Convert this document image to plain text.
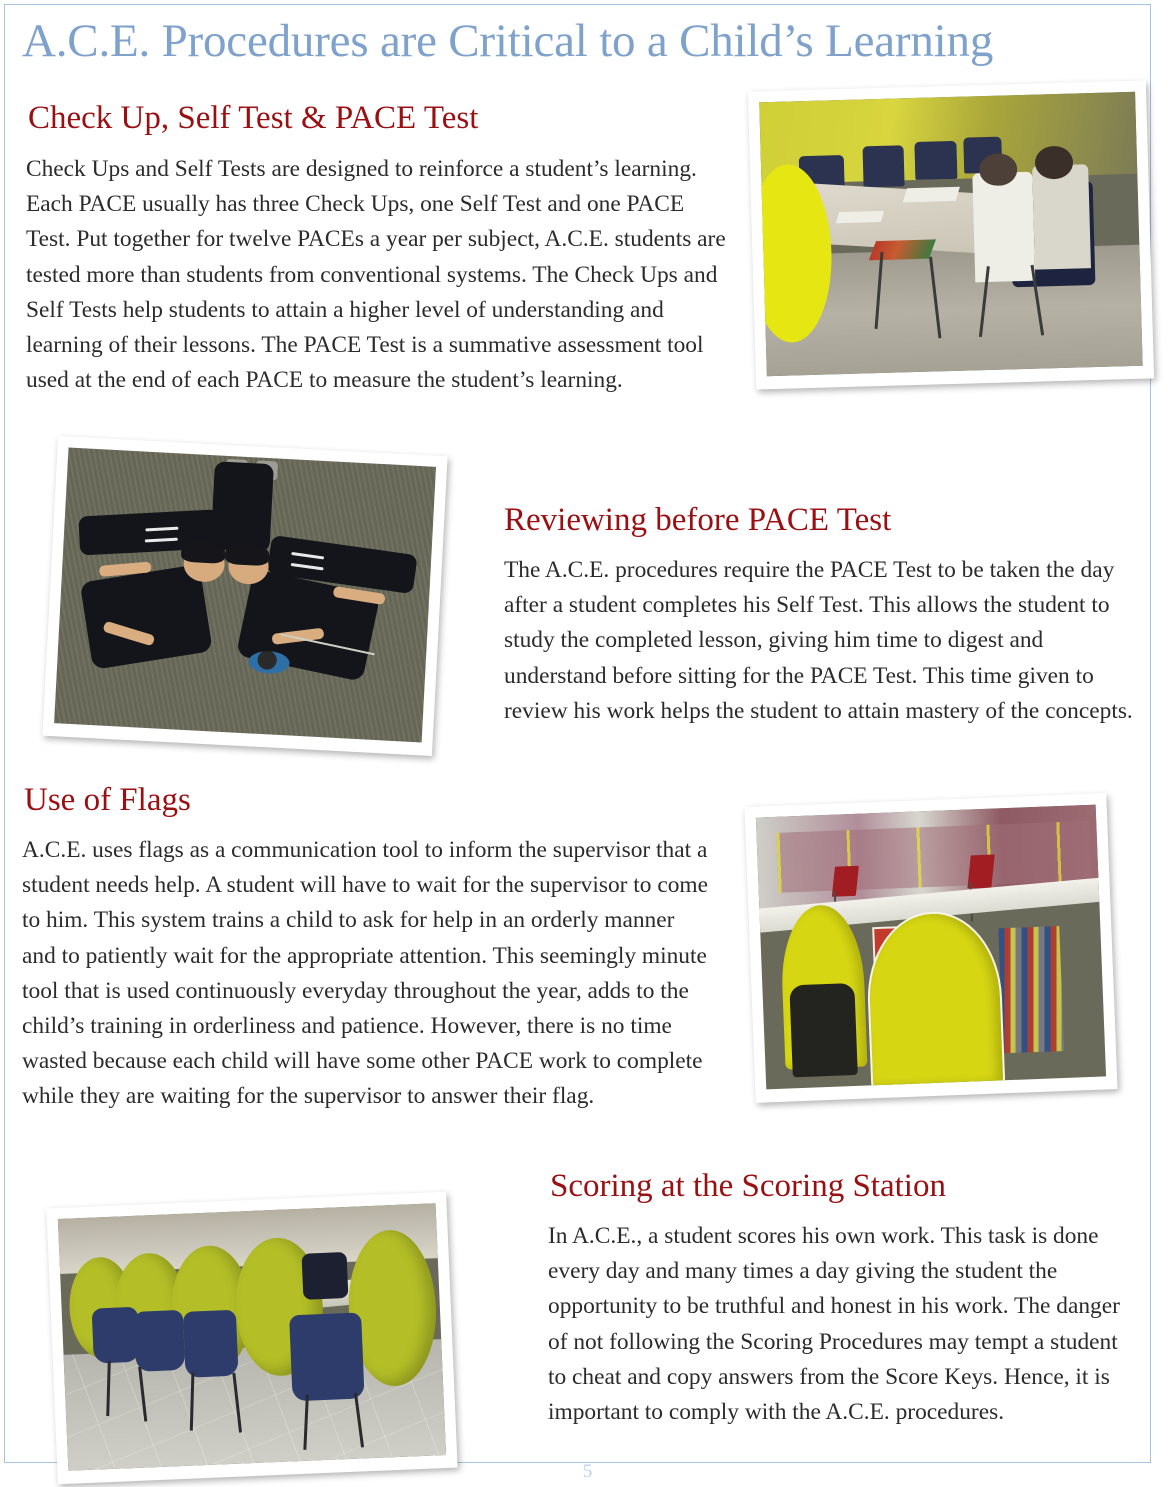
A.C.E. Procedures are Critical to a Child’s Learning
Check Up, Self Test & PACE Test
Check Ups and Self Tests are designed to reinforce a student’s learning. Each PACE usually has three Check Ups, one Self Test and one PACE Test. Put together for twelve PACEs a year per subject, A.C.E. students are tested more than students from conventional systems. The Check Ups and Self Tests help students to attain a higher level of understanding and learning of their lessons. The PACE Test is a summative assessment tool used at the end of each PACE to measure the student’s learning.
Reviewing before PACE Test
The A.C.E. procedures require the PACE Test to be taken the day after a student completes his Self Test. This allows the student to study the completed lesson, giving him time to digest and understand before sitting for the PACE Test. This time given to review his work helps the student to attain mastery of the concepts.
Use of Flags
A.C.E. uses flags as a communication tool to inform the supervisor that a student needs help. A student will have to wait for the supervisor to come to him. This system trains a child to ask for help in an orderly manner and to patiently wait for the appropriate attention. This seemingly minute tool that is used continuously everyday throughout the year, adds to the child’s training in orderliness and patience. However, there is no time wasted because each child will have some other PACE work to complete while they are waiting for the supervisor to answer their flag.
Scoring at the Scoring Station
In A.C.E., a student scores his own work. This task is done every day and many times a day giving the student the opportunity to be truthful and honest in his work. The danger of not following the Scoring Procedures may tempt a student to cheat and copy answers from the Score Keys. Hence, it is important to comply with the A.C.E. procedures.
5
